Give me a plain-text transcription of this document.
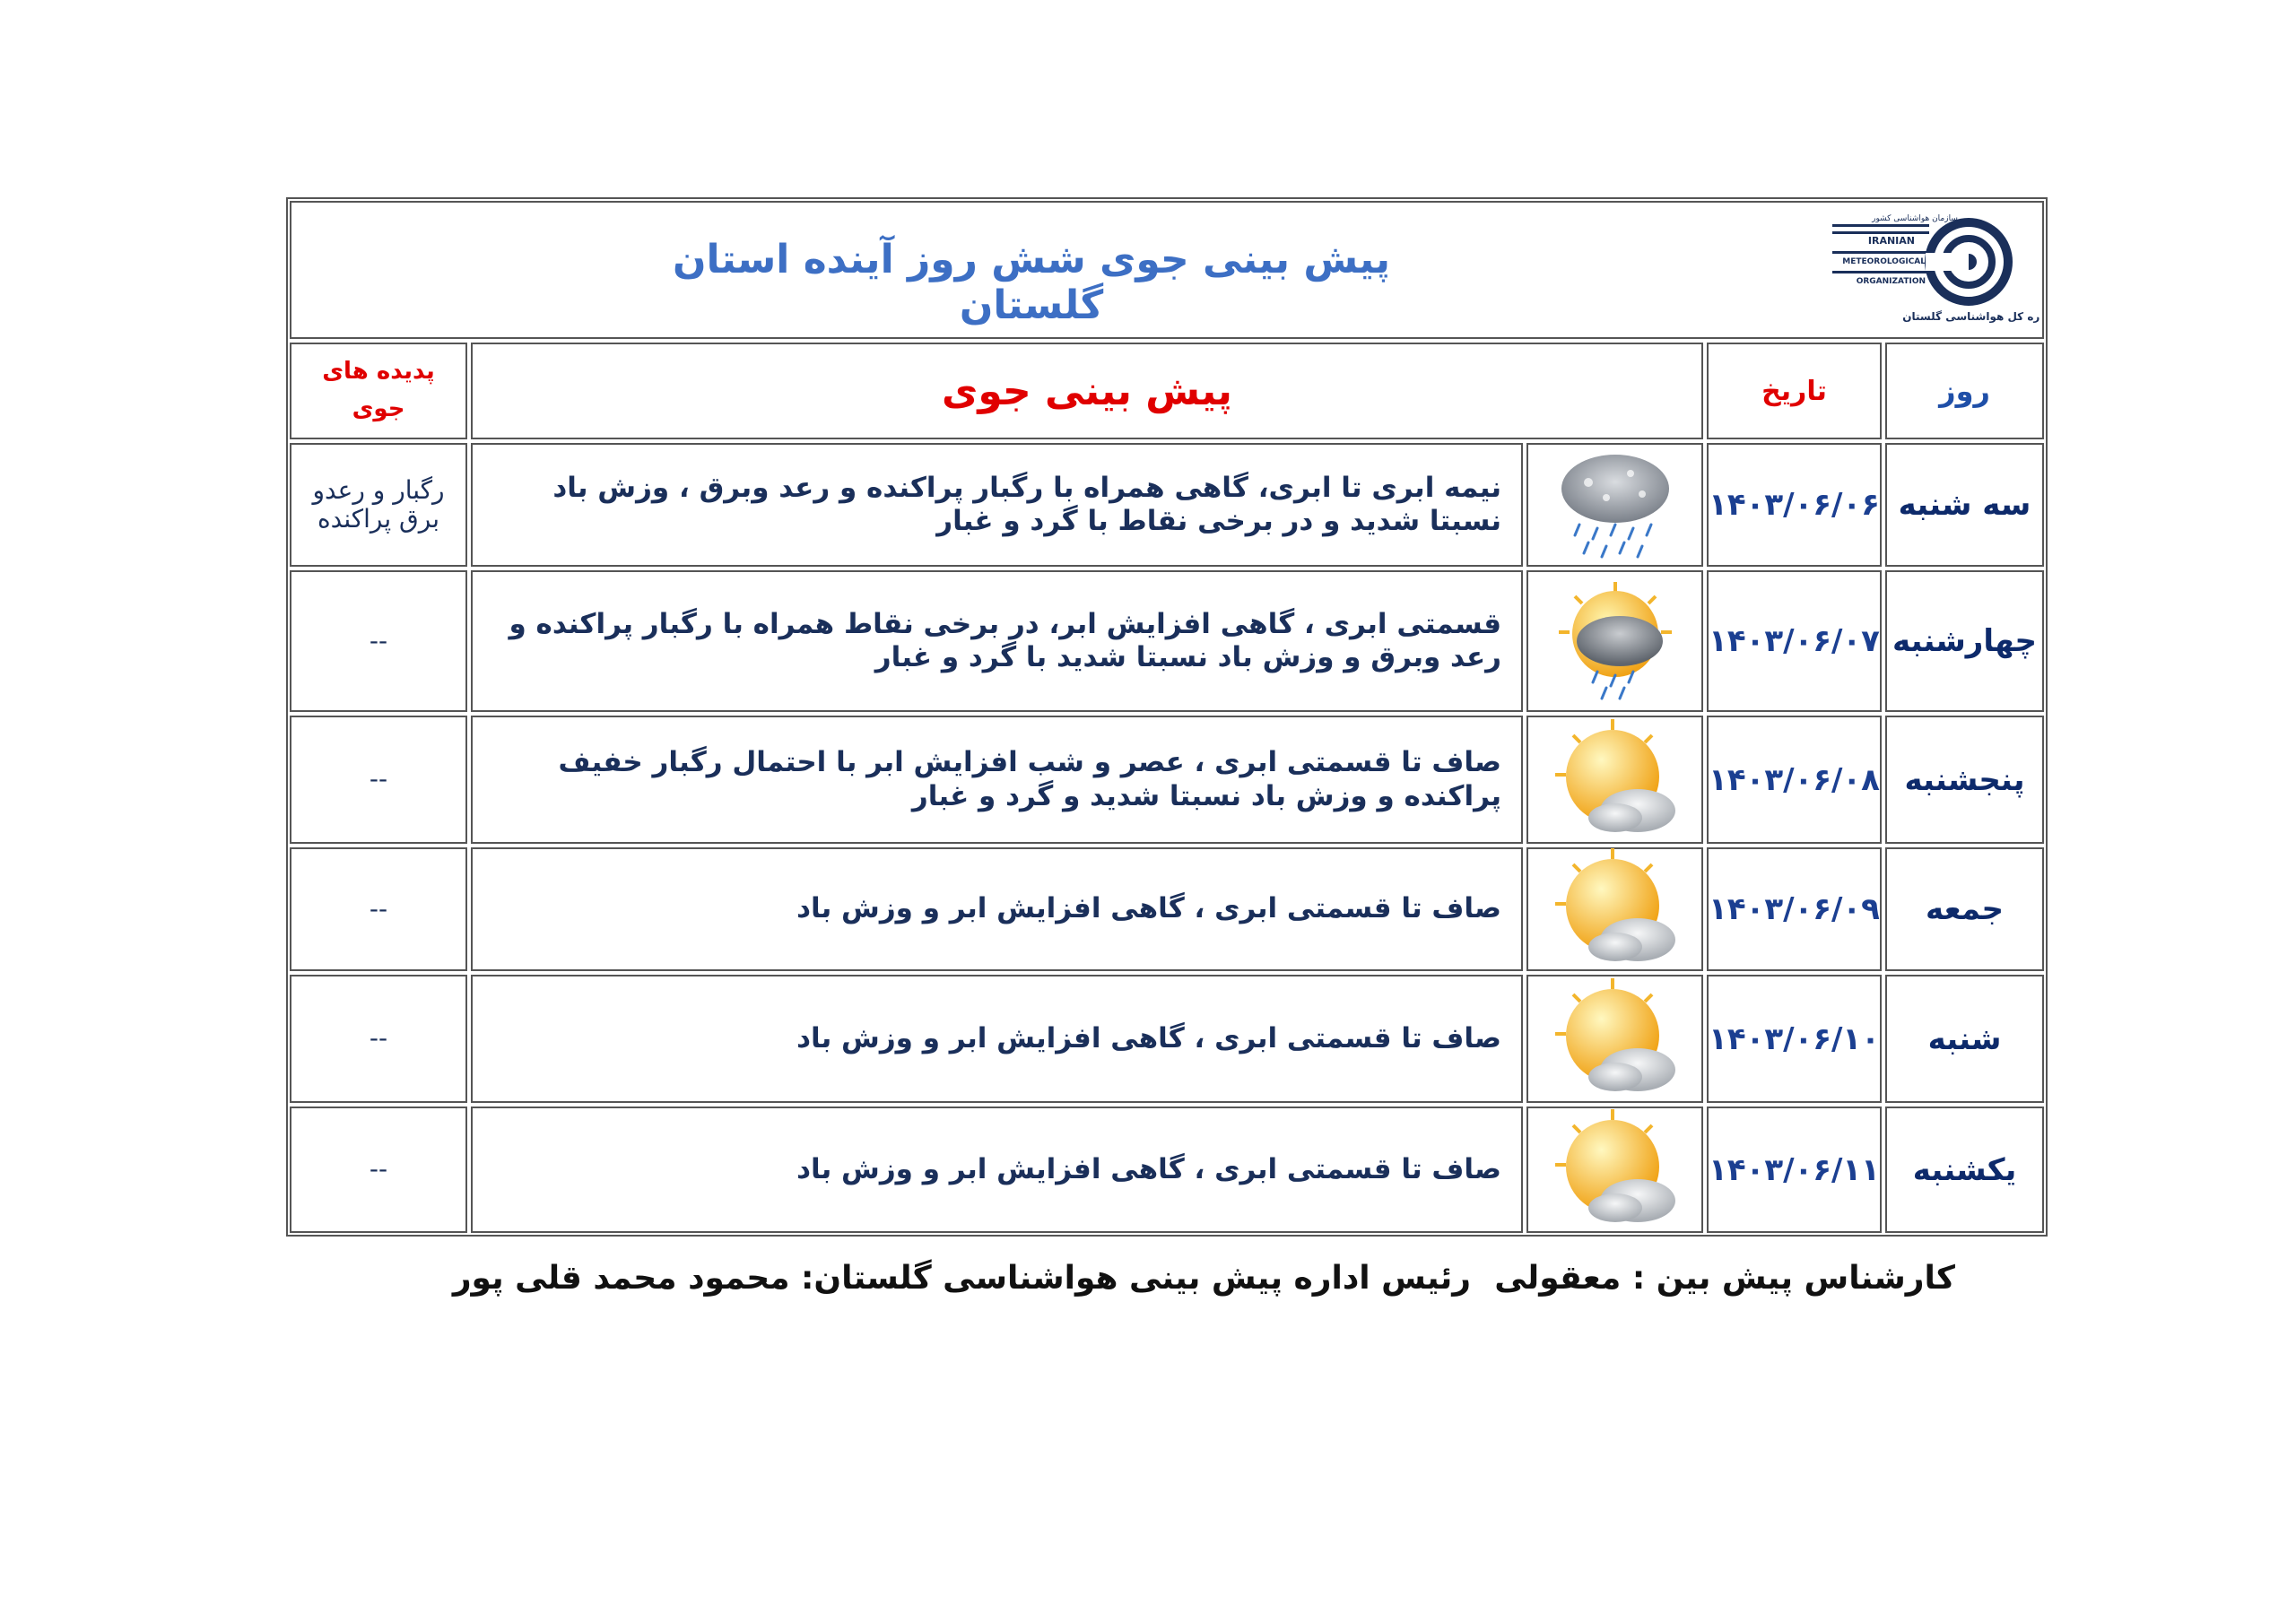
پیش بینی جوی شش روز آینده استان گلستان
سازمان هواشناسی کشور
IRANIAN
METEOROLOGICAL
ORGANIZATION
اداره کل هواشناسی گلستان
روز
تاریخ
پیش بینی جوی
پدیده های
جوی
سه شنبه
۱۴۰۳/۰۶/۰۶
نیمه ابری تا ابری، گاهی همراه با رگبار پراکنده و رعد وبرق ، وزش باد نسبتا شدید و در برخی نقاط با گرد و غبار
رگبار و رعدو برق پراکنده
چهارشنبه
۱۴۰۳/۰۶/۰۷
قسمتی ابری ، گاهی افزایش ابر، در برخی نقاط همراه با رگبار پراکنده و رعد وبرق و وزش باد نسبتا شدید با گرد و غبار
--
پنجشنبه
۱۴۰۳/۰۶/۰۸
صاف تا قسمتی ابری ، عصر و شب افزایش ابر با احتمال رگبار خفیف پراکنده و وزش باد نسبتا شدید و گرد و غبار
--
جمعه
۱۴۰۳/۰۶/۰۹
صاف تا قسمتی ابری ، گاهی افزایش ابر و وزش باد
--
شنبه
۱۴۰۳/۰۶/۱۰
صاف تا قسمتی ابری ، گاهی افزایش ابر و وزش باد
--
یکشنبه
۱۴۰۳/۰۶/۱۱
صاف تا قسمتی ابری ، گاهی افزایش ابر و وزش باد
--
کارشناس پیش بین : معقولی
رئیس اداره پیش بینی هواشناسی گلستان: محمود محمد قلی پور
